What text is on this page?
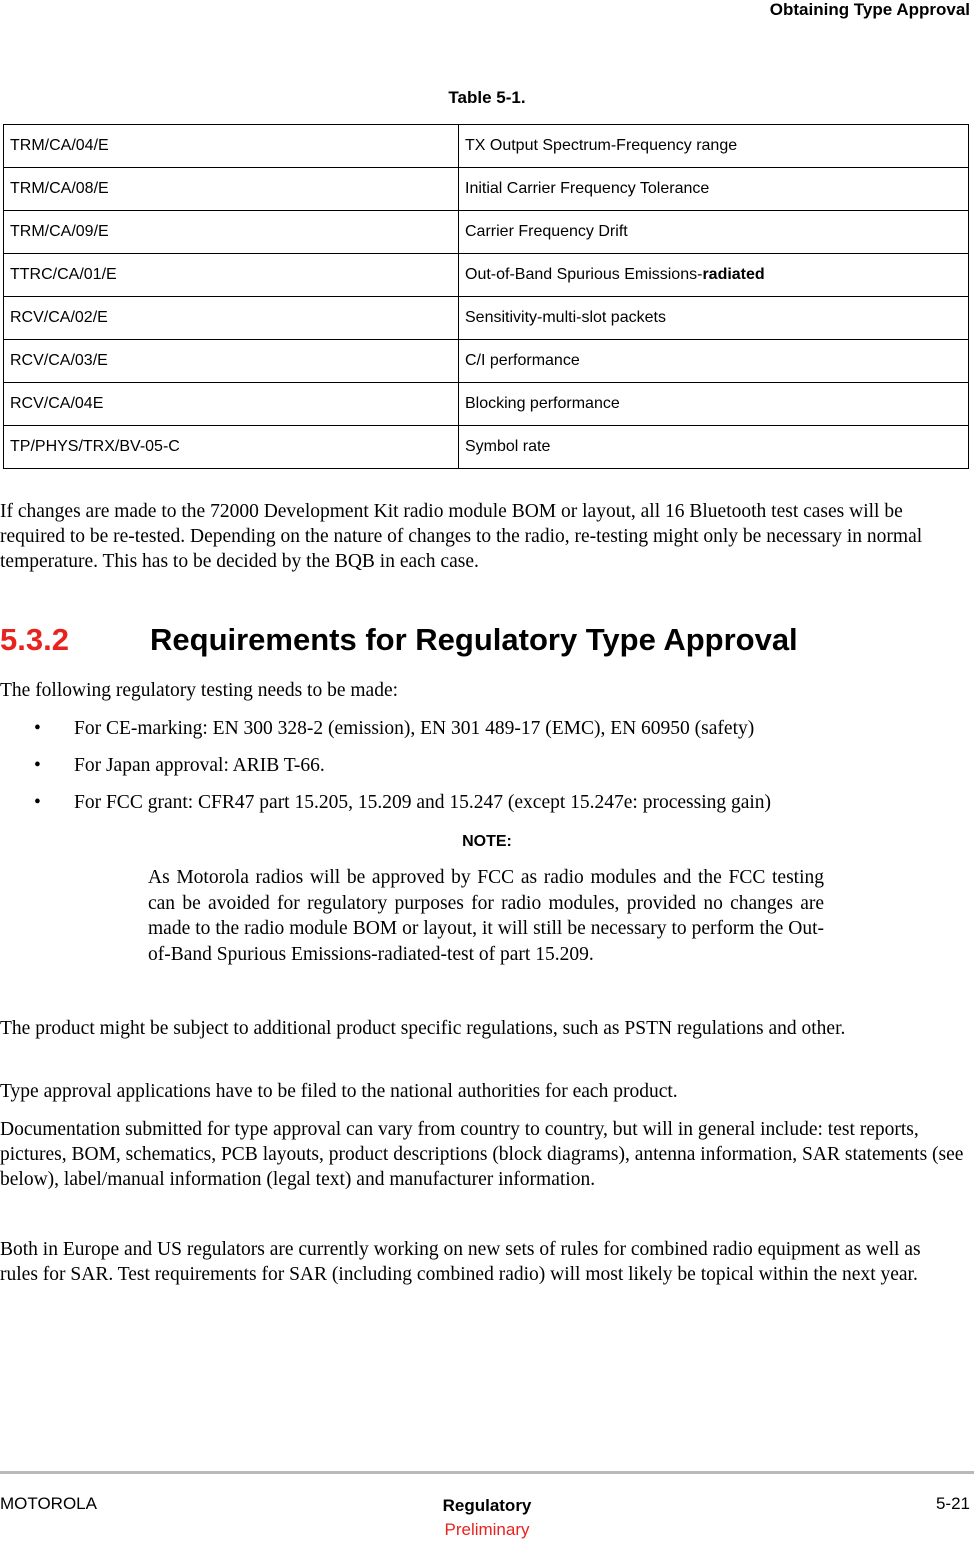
Obtaining Type Approval

Table 5-1.

TRM/CA/04/E	TX Output Spectrum-Frequency range
TRM/CA/08/E	Initial Carrier Frequency Tolerance
TRM/CA/09/E	Carrier Frequency Drift
TTRC/CA/01/E	Out-of-Band Spurious Emissions-radiated
RCV/CA/02/E	Sensitivity-multi-slot packets
RCV/CA/03/E	C/I performance
RCV/CA/04E	Blocking performance
TP/PHYS/TRX/BV-05-C	Symbol rate

If changes are made to the 72000 Development Kit radio module BOM or layout, all 16 Bluetooth test cases will be required to be re-tested. Depending on the nature of changes to the radio, re-testing might only be necessary in normal temperature. This has to be decided by the BQB in each case.

5.3.2	Requirements for Regulatory Type Approval

The following regulatory testing needs to be made:

• For CE-marking: EN 300 328-2 (emission), EN 301 489-17 (EMC), EN 60950 (safety)
• For Japan approval: ARIB T-66.
• For FCC grant: CFR47 part 15.205, 15.209 and 15.247 (except 15.247e: processing gain)

NOTE:

As Motorola radios will be approved by FCC as radio modules and the FCC testing can be avoided for regulatory purposes for radio modules, provided no changes are made to the radio module BOM or layout, it will still be necessary to perform the Out-of-Band Spurious Emissions-radiated-test of part 15.209.

The product might be subject to additional product specific regulations, such as PSTN regulations and other.

Type approval applications have to be filed to the national authorities for each product.

Documentation submitted for type approval can vary from country to country, but will in general include: test reports, pictures, BOM, schematics, PCB layouts, product descriptions (block diagrams), antenna information, SAR statements (see below), label/manual information (legal text) and manufacturer information.

Both in Europe and US regulators are currently working on new sets of rules for combined radio equipment as well as rules for SAR. Test requirements for SAR (including combined radio) will most likely be topical within the next year.

MOTOROLA	Regulatory
Preliminary

5-21
